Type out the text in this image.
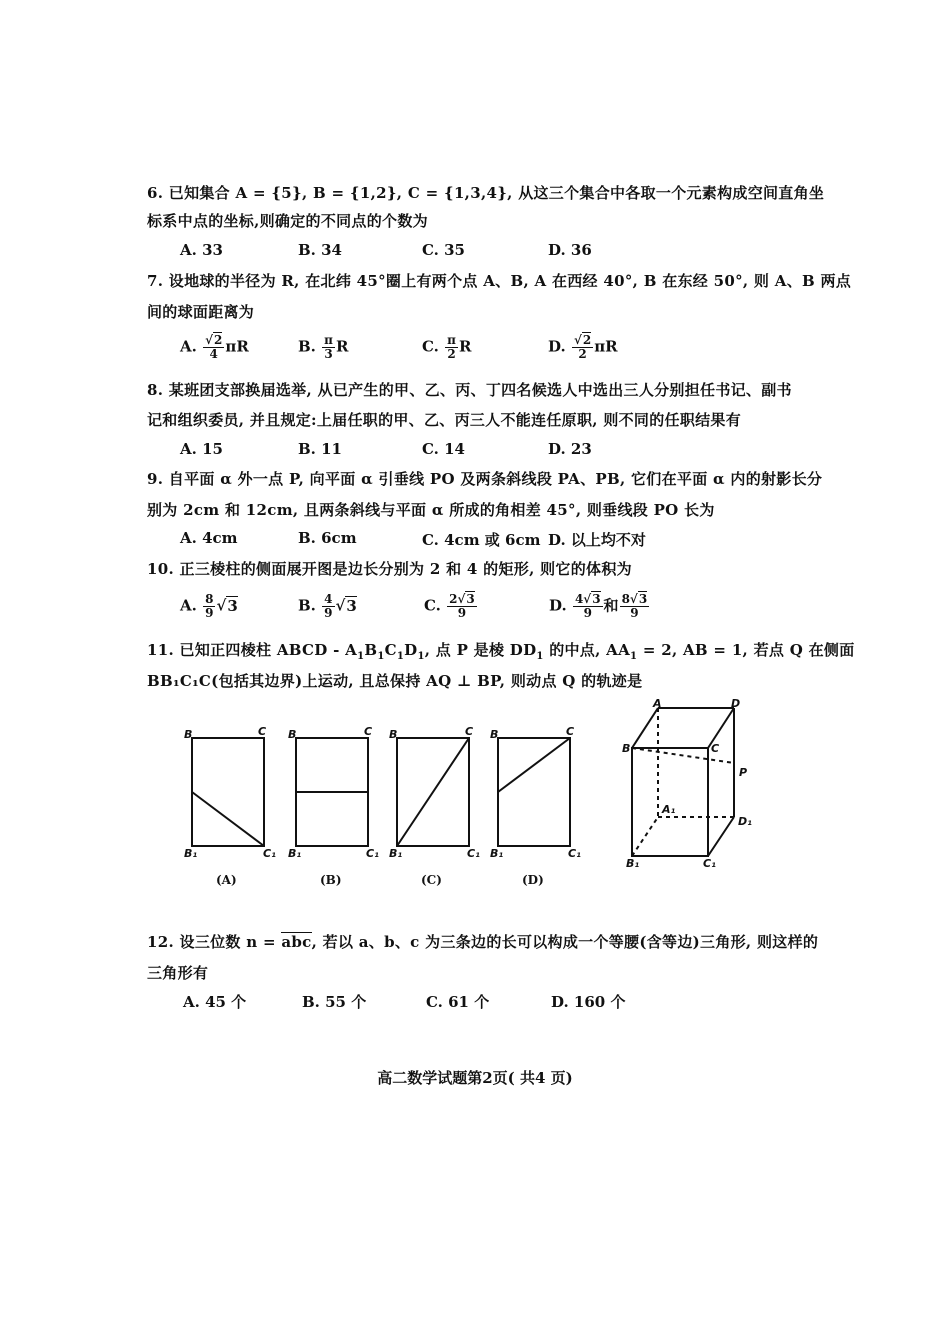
6. 已知集合 A = {5}, B = {1,2}, C = {1,3,4}, 从这三个集合中各取一个元素构成空间直角坐
标系中点的坐标,则确定的不同点的个数为
A. 33	B. 34	C. 35	D. 36
7. 设地球的半径为 R, 在北纬 45°圈上有两个点 A、B, A 在西经 40°, B 在东经 50°, 则 A、B 两点
间的球面距离为
A. $\frac{√2}{4}$ πR	B. $\frac{\pi}{3}$ R	C. $\frac{\pi}{2}$ R	D. $\frac{√2}{2}$ πR
8. 某班团支部换届选举, 从已产生的甲、乙、丙、丁四名候选人中选出三人分别担任书记、副书
记和组织委员, 并且规定:上届任职的甲、乙、丙三人不能连任原职, 则不同的任职结果有
A. 15	B. 11	C. 14	D. 23
9. 自平面 α 外一点 P, 向平面 α 引垂线 PO 及两条斜线段 PA、PB, 它们在平面 α 内的射影长分
别为 2cm 和 12cm, 且两条斜线与平面 α 所成的角相差 45°, 则垂线段 PO 长为
A. 4cm	B. 6cm	C. 4cm 或 6cm D. 以上均不对
10. 正三棱柱的侧面展开图是边长分别为 2 和 4 的矩形, 则它的体积为
A. $\frac{8}{9} √3$	B. $\frac{4}{9} √3$	C. $\frac{2√3}{9}$	D. $\frac{4√3}{9}$ 和 $\frac{8√3}{9}$
11. 已知正四棱柱 ABCD - $A_1B_1C_1D_1$, 点 P 是棱 $DD_1$ 的中点, $AA_1 = 2$, AB = 1, 若点 Q 在侧面
BB₁C₁C(包括其边界)上运动, 且总保持 AQ ⊥ BP, 则动点 Q 的轨迹是
B	C
B₁	C₁
B	C
B₁	C₁
B	C
B₁	C₁
B	C
B₁	C₁
A	D
B	C
P
A₁
D₁
B₁	C₁
(A)	(B)	(C)	(D)
12. 设三位数 n = abc, 若以 a、b、c 为三条边的长可以构成一个等腰(含等边)三角形, 则这样的
三角形有
A. 45 个	B. 55 个	C. 61 个	D. 160 个
高二数学试题第2页( 共4 页)
